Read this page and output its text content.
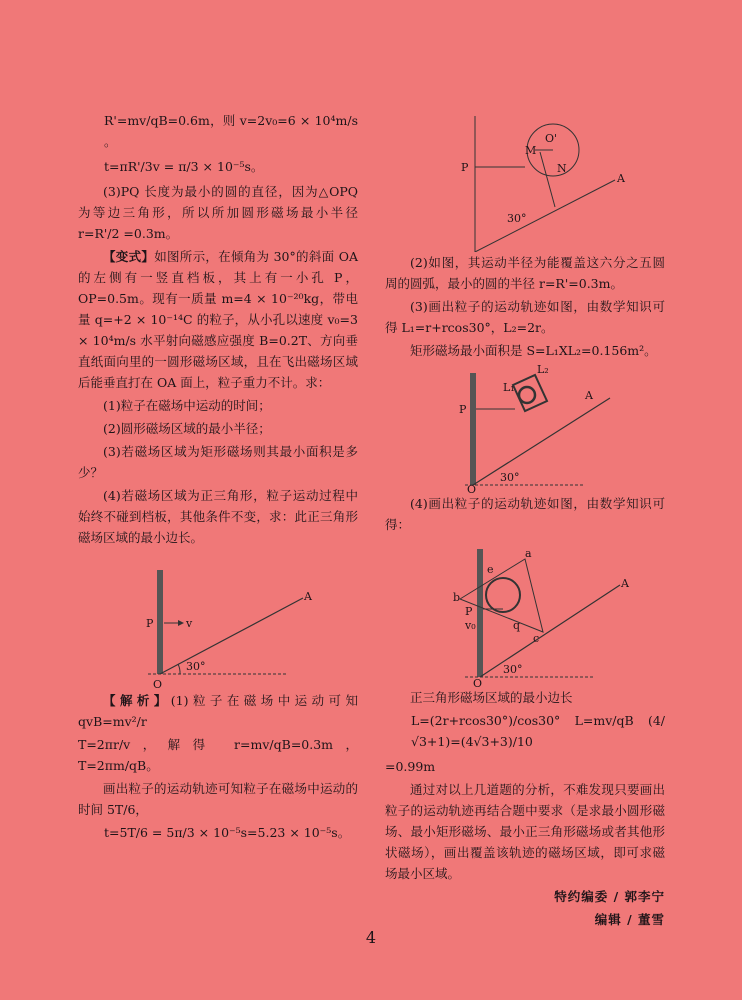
R'=mv/qB=0.6m，则 v=2v₀=6 × 10⁴m/s 。

t=πR'/3v = π/3 × 10⁻⁵s。

(3)PQ 长度为最小的圆的直径，因为△OPQ 为等边三角形，所以所加圆形磁场最小半径 r=R'/2 =0.3m。

【变式】如图所示，在倾角为 30°的斜面 OA 的左侧有一竖直档板，其上有一小孔 P，OP=0.5m。现有一质量 m=4 × 10⁻²⁰kg，带电量 q=+2 × 10⁻¹⁴C 的粒子，从小孔以速度 v₀=3 × 10⁴m/s 水平射向磁感应强度 B=0.2T、方向垂直纸面向里的一圆形磁场区域，且在飞出磁场区域后能垂直打在 OA 面上，粒子重力不计。求：

(1)粒子在磁场中运动的时间；

(2)圆形磁场区域的最小半径；

(3)若磁场区域为矩形磁场则其最小面积是多少？

(4)若磁场区域为正三角形，粒子运动过程中始终不碰到档板，其他条件不变，求：此正三角形磁场区域的最小边长。

A
P	v
O
30°

【解析】(1)粒子在磁场中运动可知 qvB=mv²/r

T=2πr/v，解得 r=mv/qB=0.3m，T=2πm/qB。

画出粒子的运动轨迹可知粒子在磁场中运动的时间 5T/6，

t=5T/6 = 5π/3 × 10⁻⁵s=5.23 × 10⁻⁵s。

P
O'
M
N
A
30°

(2)如图，其运动半径为能覆盖这六分之五圆周的圆弧，最小的圆的半径 r=R'=0.3m。

(3)画出粒子的运动轨迹如图，由数学知识可得 L₁=r+rcos30°，L₂=2r。

矩形磁场最小面积是 S=L₁XL₂=0.156m²。

L₁
L₂
P
A
O
30°

(4)画出粒子的运动轨迹如图，由数学知识可得：

a
b
c
e
P
v₀	q
A
O
30°

正三角形磁场区域的最小边长

L=(2r+rcos30°)/cos30° L=mv/qB (4/√3+1)=(4√3+3)/10

=0.99m

通过对以上几道题的分析，不难发现只要画出粒子的运动轨迹再结合题中要求（是求最小圆形磁场、最小矩形磁场、最小正三角形磁场或者其他形状磁场），画出覆盖该轨迹的磁场区域，即可求磁场最小区域。

特约编委 / 郭李宁

编辑 / 董雪

4
